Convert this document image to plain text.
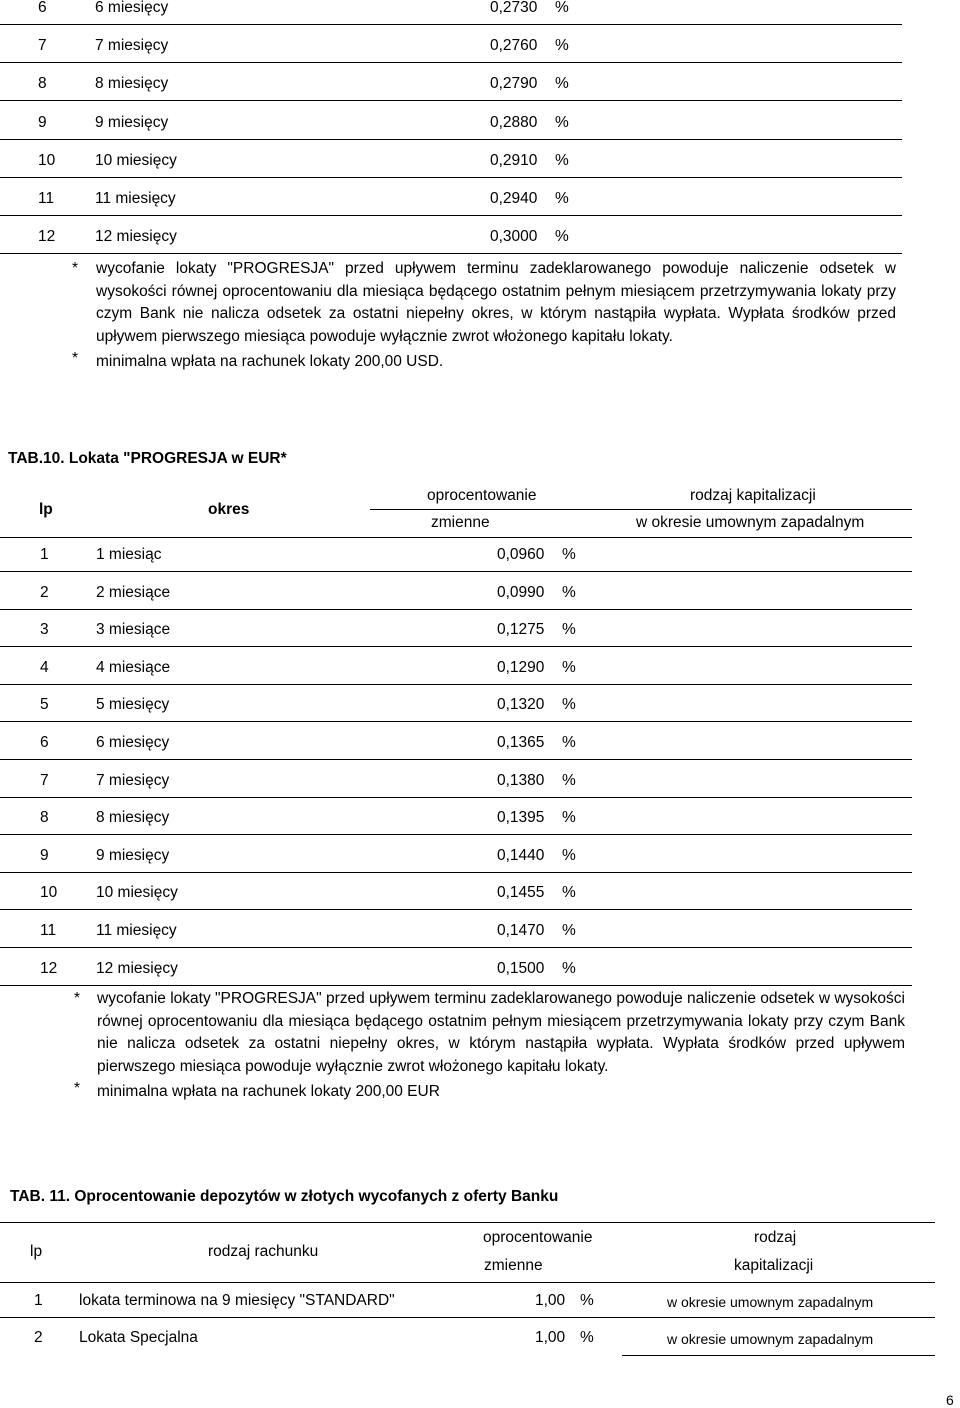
6	6 miesięcy	0,2730 %
7	7 miesięcy	0,2760 %
8	8 miesięcy	0,2790 %
9	9 miesięcy	0,2880 %
10	10 miesięcy	0,2910 %
11	11 miesięcy	0,2940 %
12	12 miesięcy	0,3000 %
* wycofanie lokaty "PROGRESJA" przed upływem terminu zadeklarowanego powoduje naliczenie odsetek w wysokości równej oprocentowaniu dla miesiąca będącego ostatnim pełnym miesiącem przetrzymywania lokaty przy czym Bank nie nalicza odsetek za ostatni niepełny okres, w którym nastąpiła wypłata. Wypłata środków przed upływem pierwszego miesiąca powoduje wyłącznie zwrot włożonego kapitału lokaty.
* minimalna wpłata na rachunek lokaty 200,00 USD.
TAB.10. Lokata "PROGRESJA w EUR*
lp	okres
oprocentowanie
zmienne
rodzaj kapitalizacji
w okresie umownym zapadalnym
1	1 miesiąc	0,0960 %
2	2 miesiące	0,0990 %
3	3 miesiące	0,1275 %
4	4 miesiące	0,1290 %
5	5 miesięcy	0,1320 %
6	6 miesięcy	0,1365 %
7	7 miesięcy	0,1380 %
8	8 miesięcy	0,1395 %
9	9 miesięcy	0,1440 %
10	10 miesięcy	0,1455 %
11	11 miesięcy	0,1470 %
12	12 miesięcy	0,1500 %
* wycofanie lokaty "PROGRESJA" przed upływem terminu zadeklarowanego powoduje naliczenie odsetek w wysokości równej oprocentowaniu dla miesiąca będącego ostatnim pełnym miesiącem przetrzymywania lokaty przy czym Bank nie nalicza odsetek za ostatni niepełny okres, w którym nastąpiła wypłata. Wypłata środków przed upływem pierwszego miesiąca powoduje wyłącznie zwrot włożonego kapitału lokaty.
* minimalna wpłata na rachunek lokaty 200,00 EUR
TAB. 11. Oprocentowanie depozytów w złotych wycofanych z oferty Banku
lp	rodzaj rachunku
oprocentowanie
zmienne
rodzaj
kapitalizacji
1 lokata terminowa na 9 miesięcy "STANDARD"	1,00 %	w okresie umownym zapadalnym
2 Lokata Specjalna	1,00 %	w okresie umownym zapadalnym
6
